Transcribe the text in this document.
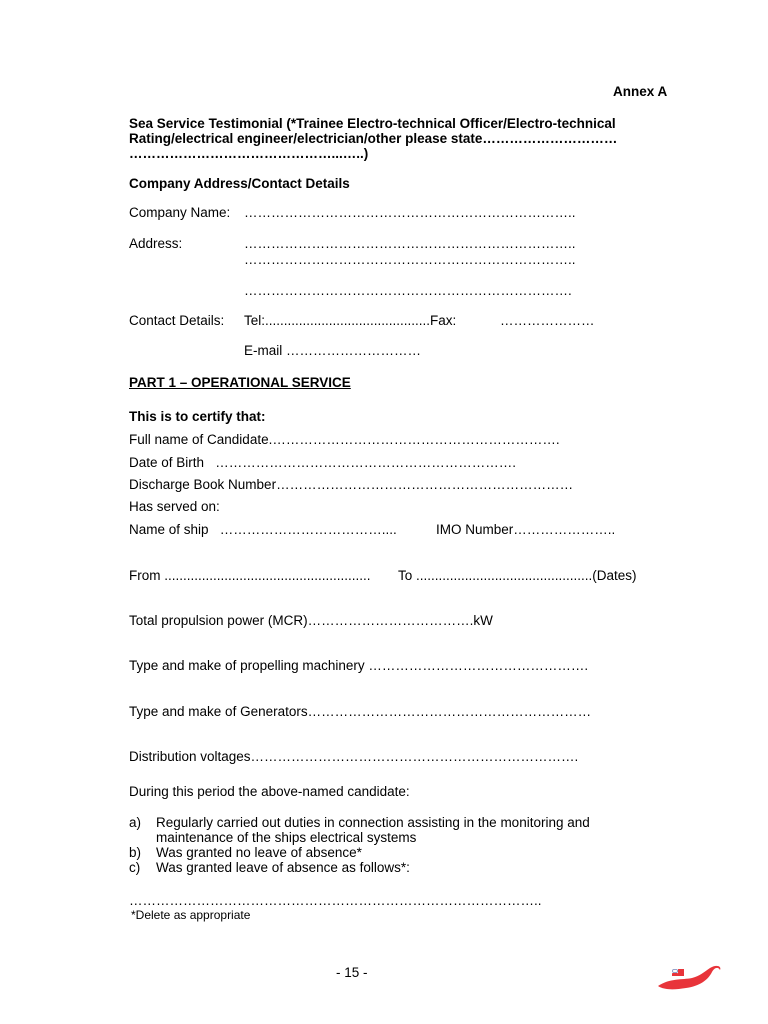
Annex A
Sea Service Testimonial (*Trainee Electro-technical Officer/Electro-technical
Rating/electrical engineer/electrician/other please state…………………………
………………………………………...…..)
Company Address/Contact Details
Company Name: ………………………………………………………………..
Address:	………………………………………………………………..
………………………………………………………………..
……………………………………………………………….
Contact Details: Tel:............................................Fax:	…………………
E-mail …………………………
PART 1 – OPERATIONAL SERVICE
This is to certify that:
Full name of Candidate.……………………………………………………….
Date of Birth   ………………………………………………………….
Discharge Book Number…………………………………………………………
Has served on:
Name of ship   ………………………………....	IMO Number…………………..
From ....................................................... To ...............................................(Dates)
Total propulsion power (MCR)……………………………….kW
Type and make of propelling machinery ………………………………………….
Type and make of Generators………………………………………………………
Distribution voltages……………………………………………………………….
During this period the above-named candidate:
a) Regularly carried out duties in connection assisting in the monitoring and
maintenance of the ships electrical systems
b) Was granted no leave of absence*
c) Was granted leave of absence as follows*:
………………………………………………………………………………..
*Delete as appropriate
- 15 -
